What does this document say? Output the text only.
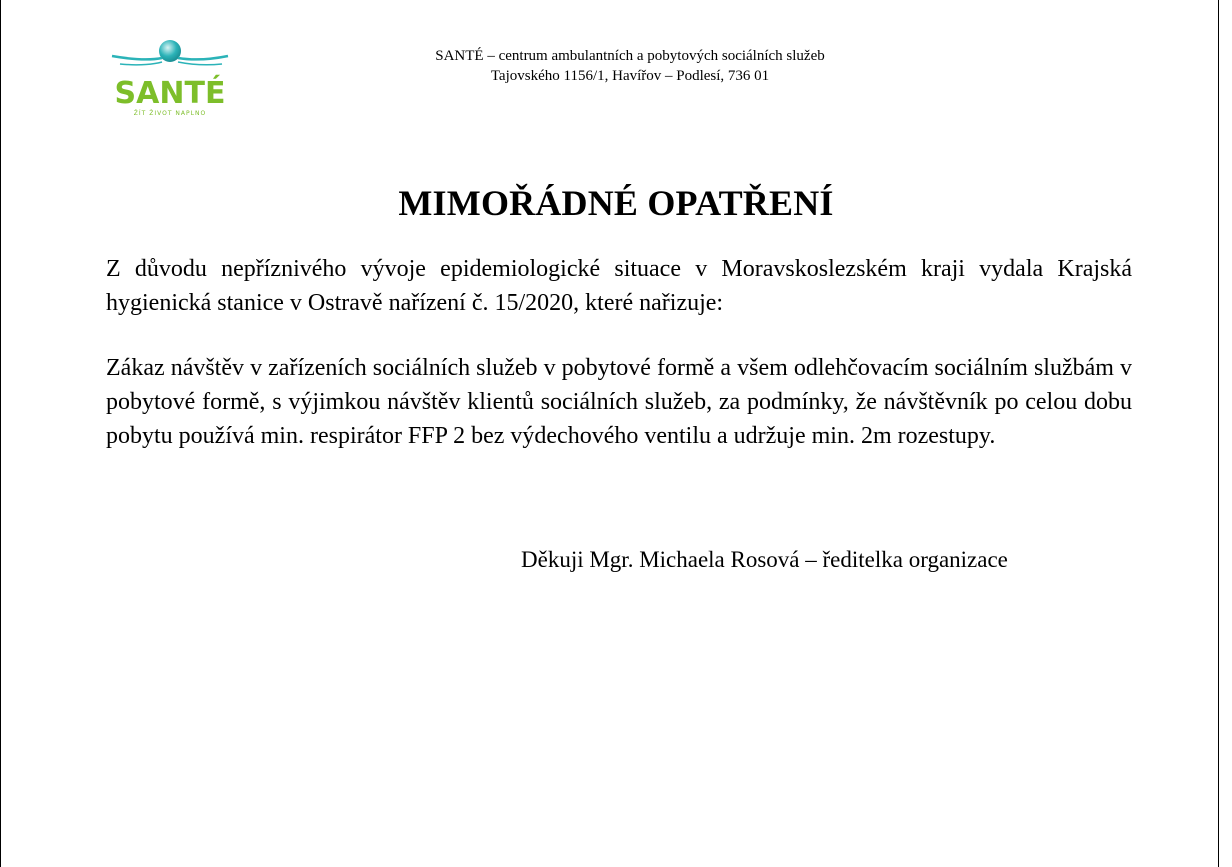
SANTÉ
ŽÍT ŽIVOT NAPLNO
SANTÉ – centrum ambulantních a pobytových sociálních služeb
Tajovského 1156/1, Havířov – Podlesí, 736 01
MIMOŘÁDNÉ OPATŘENÍ
Z důvodu nepříznivého vývoje epidemiologické situace v Moravskoslezském kraji vydala Krajská hygienická stanice v Ostravě nařízení č. 15/2020, které nařizuje:
Zákaz návštěv v zařízeních sociálních služeb v pobytové formě a všem odlehčovacím sociálním službám v pobytové formě, s výjimkou návštěv klientů sociálních služeb, za podmínky, že návštěvník po celou dobu pobytu používá min. respirátor FFP 2 bez výdechového ventilu a udržuje min. 2m rozestupy.
Děkuji Mgr. Michaela Rosová – ředitelka organizace
